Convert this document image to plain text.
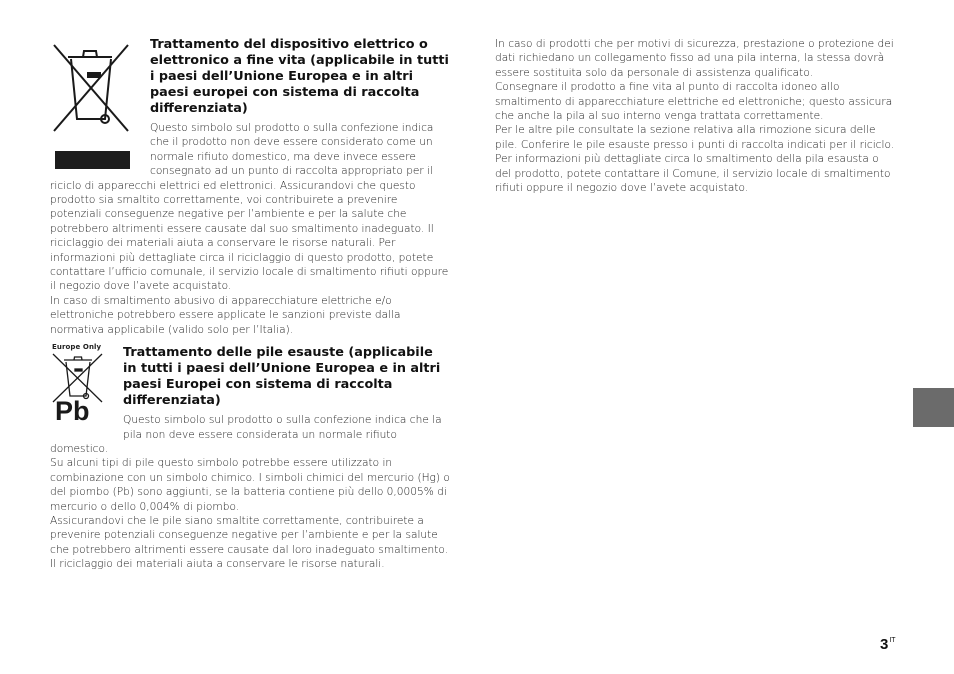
Trattamento del dispositivo elettrico o elettronico a fine vita (applicabile in tutti i paesi dell’Unione Europea e in altri paesi europei con sistema di raccolta differenziata)

Questo simbolo sul prodotto o sulla confezione indica che il prodotto non deve essere considerato come un normale rifiuto domestico, ma deve invece essere consegnato ad un punto di raccolta appropriato per il riciclo di apparecchi elettrici ed elettronici. Assicurandovi che questo prodotto sia smaltito correttamente, voi contribuirete a prevenire potenziali conseguenze negative per l’ambiente e per la salute che potrebbero altrimenti essere causate dal suo smaltimento inadeguato. Il riciclaggio dei materiali aiuta a conservare le risorse naturali. Per informazioni più dettagliate circa il riciclaggio di questo prodotto, potete contattare l’ufficio comunale, il servizio locale di smaltimento rifiuti oppure il negozio dove l’avete acquistato.

In caso di smaltimento abusivo di apparecchiature elettriche e/o elettroniche potrebbero essere applicate le sanzioni previste dalla normativa applicabile (valido solo per l’Italia).

Europe Only
Pb
Trattamento delle pile esauste (applicabile in tutti i paesi dell’Unione Europea e in altri paesi Europei con sistema di raccolta differenziata)

Questo simbolo sul prodotto o sulla confezione indica che la pila non deve essere considerata un normale rifiuto domestico.

Su alcuni tipi di pile questo simbolo potrebbe essere utilizzato in combinazione con un simbolo chimico. I simboli chimici del mercurio (Hg) o del piombo (Pb) sono aggiunti, se la batteria contiene più dello 0,0005% di mercurio o dello 0,004% di piombo.

Assicurandovi che le pile siano smaltite correttamente, contribuirete a prevenire potenziali conseguenze negative per l’ambiente e per la salute che potrebbero altrimenti essere causate dal loro inadeguato smaltimento.

Il riciclaggio dei materiali aiuta a conservare le risorse naturali.

In caso di prodotti che per motivi di sicurezza, prestazione o protezione dei dati richiedano un collegamento fisso ad una pila interna, la stessa dovrà essere sostituita solo da personale di assistenza qualificato.

Consegnare il prodotto a fine vita al punto di raccolta idoneo allo smaltimento di apparecchiature elettriche ed elettroniche; questo assicura che anche la pila al suo interno venga trattata correttamente.

Per le altre pile consultate la sezione relativa alla rimozione sicura delle pile. Conferire le pile esauste presso i punti di raccolta indicati per il riciclo.

Per informazioni più dettagliate circa lo smaltimento della pila esausta o del prodotto, potete contattare il Comune, il servizio locale di smaltimento rifiuti oppure il negozio dove l’avete acquistato.

$3^{IT}$
